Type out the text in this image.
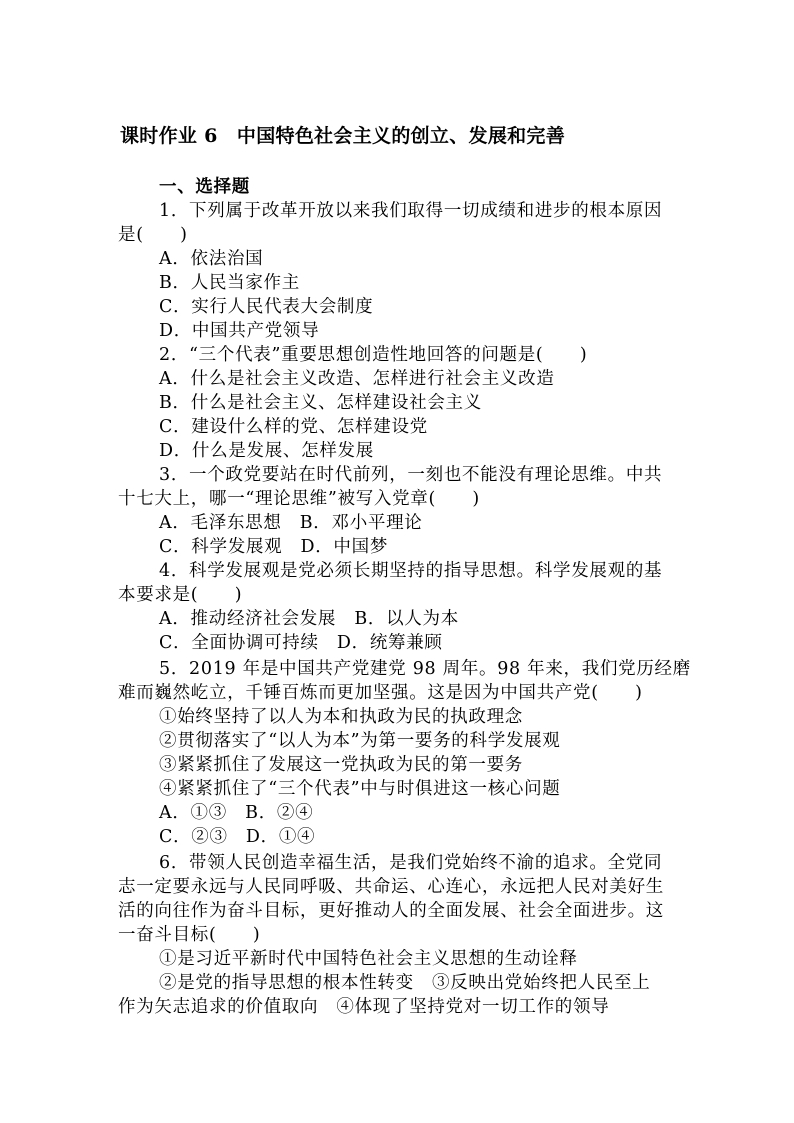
课时作业 6　中国特色社会主义的创立、发展和完善
一、选择题
1．下列属于改革开放以来我们取得一切成绩和进步的根本原因
是(　　)
A．依法治国
B．人民当家作主
C．实行人民代表大会制度
D．中国共产党领导
2．“三个代表”重要思想创造性地回答的问题是(　　)
A．什么是社会主义改造、怎样进行社会主义改造
B．什么是社会主义、怎样建设社会主义
C．建设什么样的党、怎样建设党
D．什么是发展、怎样发展
3．一个政党要站在时代前列，一刻也不能没有理论思维。中共
十七大上，哪一“理论思维”被写入党章(　　)
A．毛泽东思想　B．邓小平理论
C．科学发展观　D．中国梦
4．科学发展观是党必须长期坚持的指导思想。科学发展观的基
本要求是(　　)
A．推动经济社会发展　B．以人为本
C．全面协调可持续　D．统筹兼顾
5．2019 年是中国共产党建党 98 周年。98 年来，我们党历经磨
难而巍然屹立，千锤百炼而更加坚强。这是因为中国共产党(　　)
①始终坚持了以人为本和执政为民的执政理念
②贯彻落实了“以人为本”为第一要务的科学发展观
③紧紧抓住了发展这一党执政为民的第一要务
④紧紧抓住了“三个代表”中与时俱进这一核心问题
A．①③　B．②④
C．②③　D．①④
6．带领人民创造幸福生活，是我们党始终不渝的追求。全党同
志一定要永远与人民同呼吸、共命运、心连心，永远把人民对美好生
活的向往作为奋斗目标，更好推动人的全面发展、社会全面进步。这
一奋斗目标(　　)
①是习近平新时代中国特色社会主义思想的生动诠释
②是党的指导思想的根本性转变　③反映出党始终把人民至上
作为矢志追求的价值取向　④体现了坚持党对一切工作的领导
